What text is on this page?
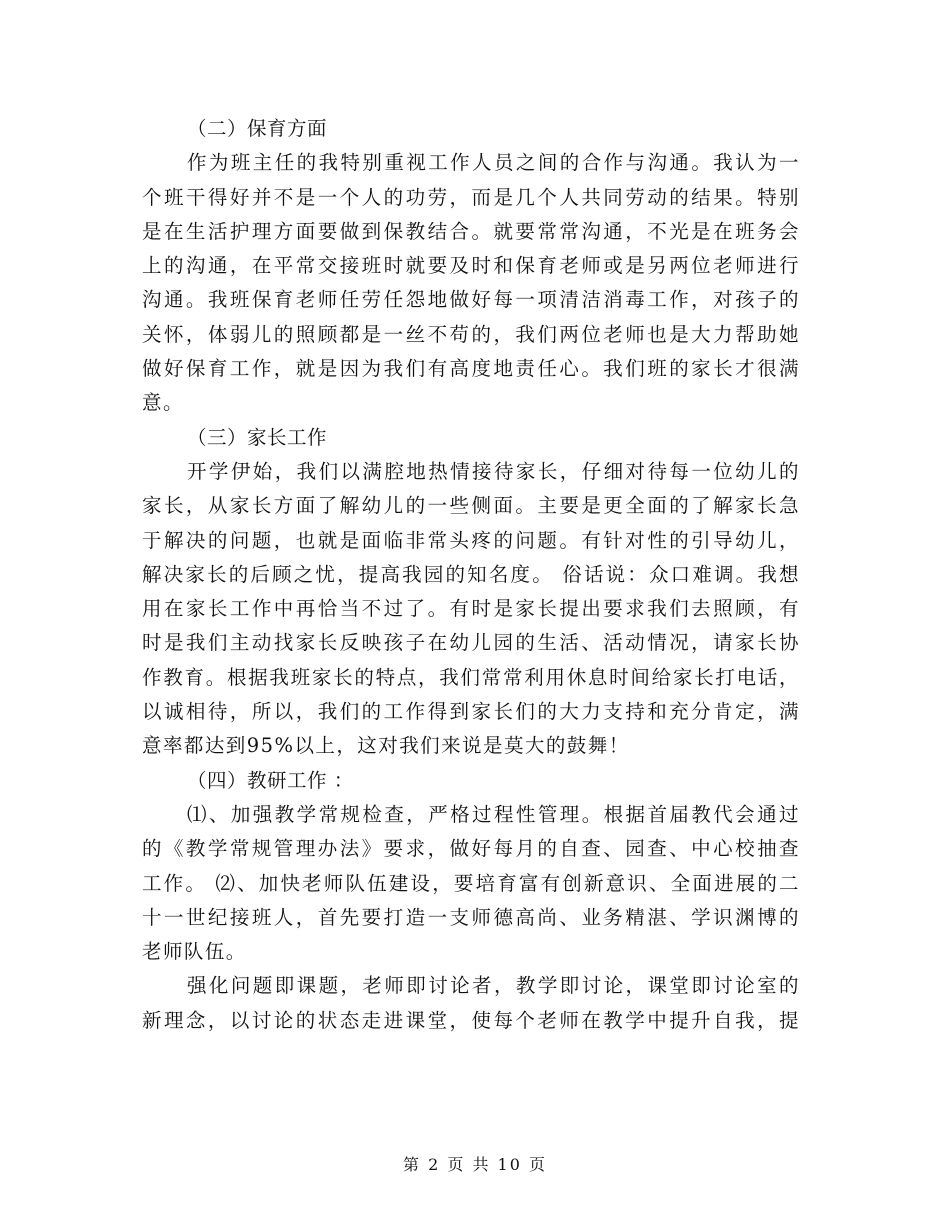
（二）保育方面
作为班主任的我特别重视工作人员之间的合作与沟通。我认为一
个班干得好并不是一个人的功劳，而是几个人共同劳动的结果。特别
是在生活护理方面要做到保教结合。就要常常沟通，不光是在班务会
上的沟通，在平常交接班时就要及时和保育老师或是另两位老师进行
沟通。我班保育老师任劳任怨地做好每一项清洁消毒工作，对孩子的
关怀，体弱儿的照顾都是一丝不苟的，我们两位老师也是大力帮助她
做好保育工作，就是因为我们有高度地责任心。我们班的家长才很满
意。
（三）家长工作
开学伊始，我们以满腔地热情接待家长，仔细对待每一位幼儿的
家长，从家长方面了解幼儿的一些侧面。主要是更全面的了解家长急
于解决的问题，也就是面临非常头疼的问题。有针对性的引导幼儿，
解决家长的后顾之忧，提高我园的知名度。 俗话说：众口难调。我想
用在家长工作中再恰当不过了。有时是家长提出要求我们去照顾，有
时是我们主动找家长反映孩子在幼儿园的生活、活动情况，请家长协
作教育。根据我班家长的特点，我们常常利用休息时间给家长打电话，
以诚相待，所以，我们的工作得到家长们的大力支持和充分肯定，满
意率都达到95%以上，这对我们来说是莫大的鼓舞！
（四）教研工作 ：
⑴、加强教学常规检查，严格过程性管理。根据首届教代会通过
的《教学常规管理办法》要求，做好每月的自查、园查、中心校抽查
工作。 ⑵、加快老师队伍建设，要培育富有创新意识、全面进展的二
十一世纪接班人，首先要打造一支师德高尚、业务精湛、学识渊博的
老师队伍。
强化问题即课题，老师即讨论者，教学即讨论，课堂即讨论室的
新理念，以讨论的状态走进课堂，使每个老师在教学中提升自我，提
第 2 页 共 10 页
